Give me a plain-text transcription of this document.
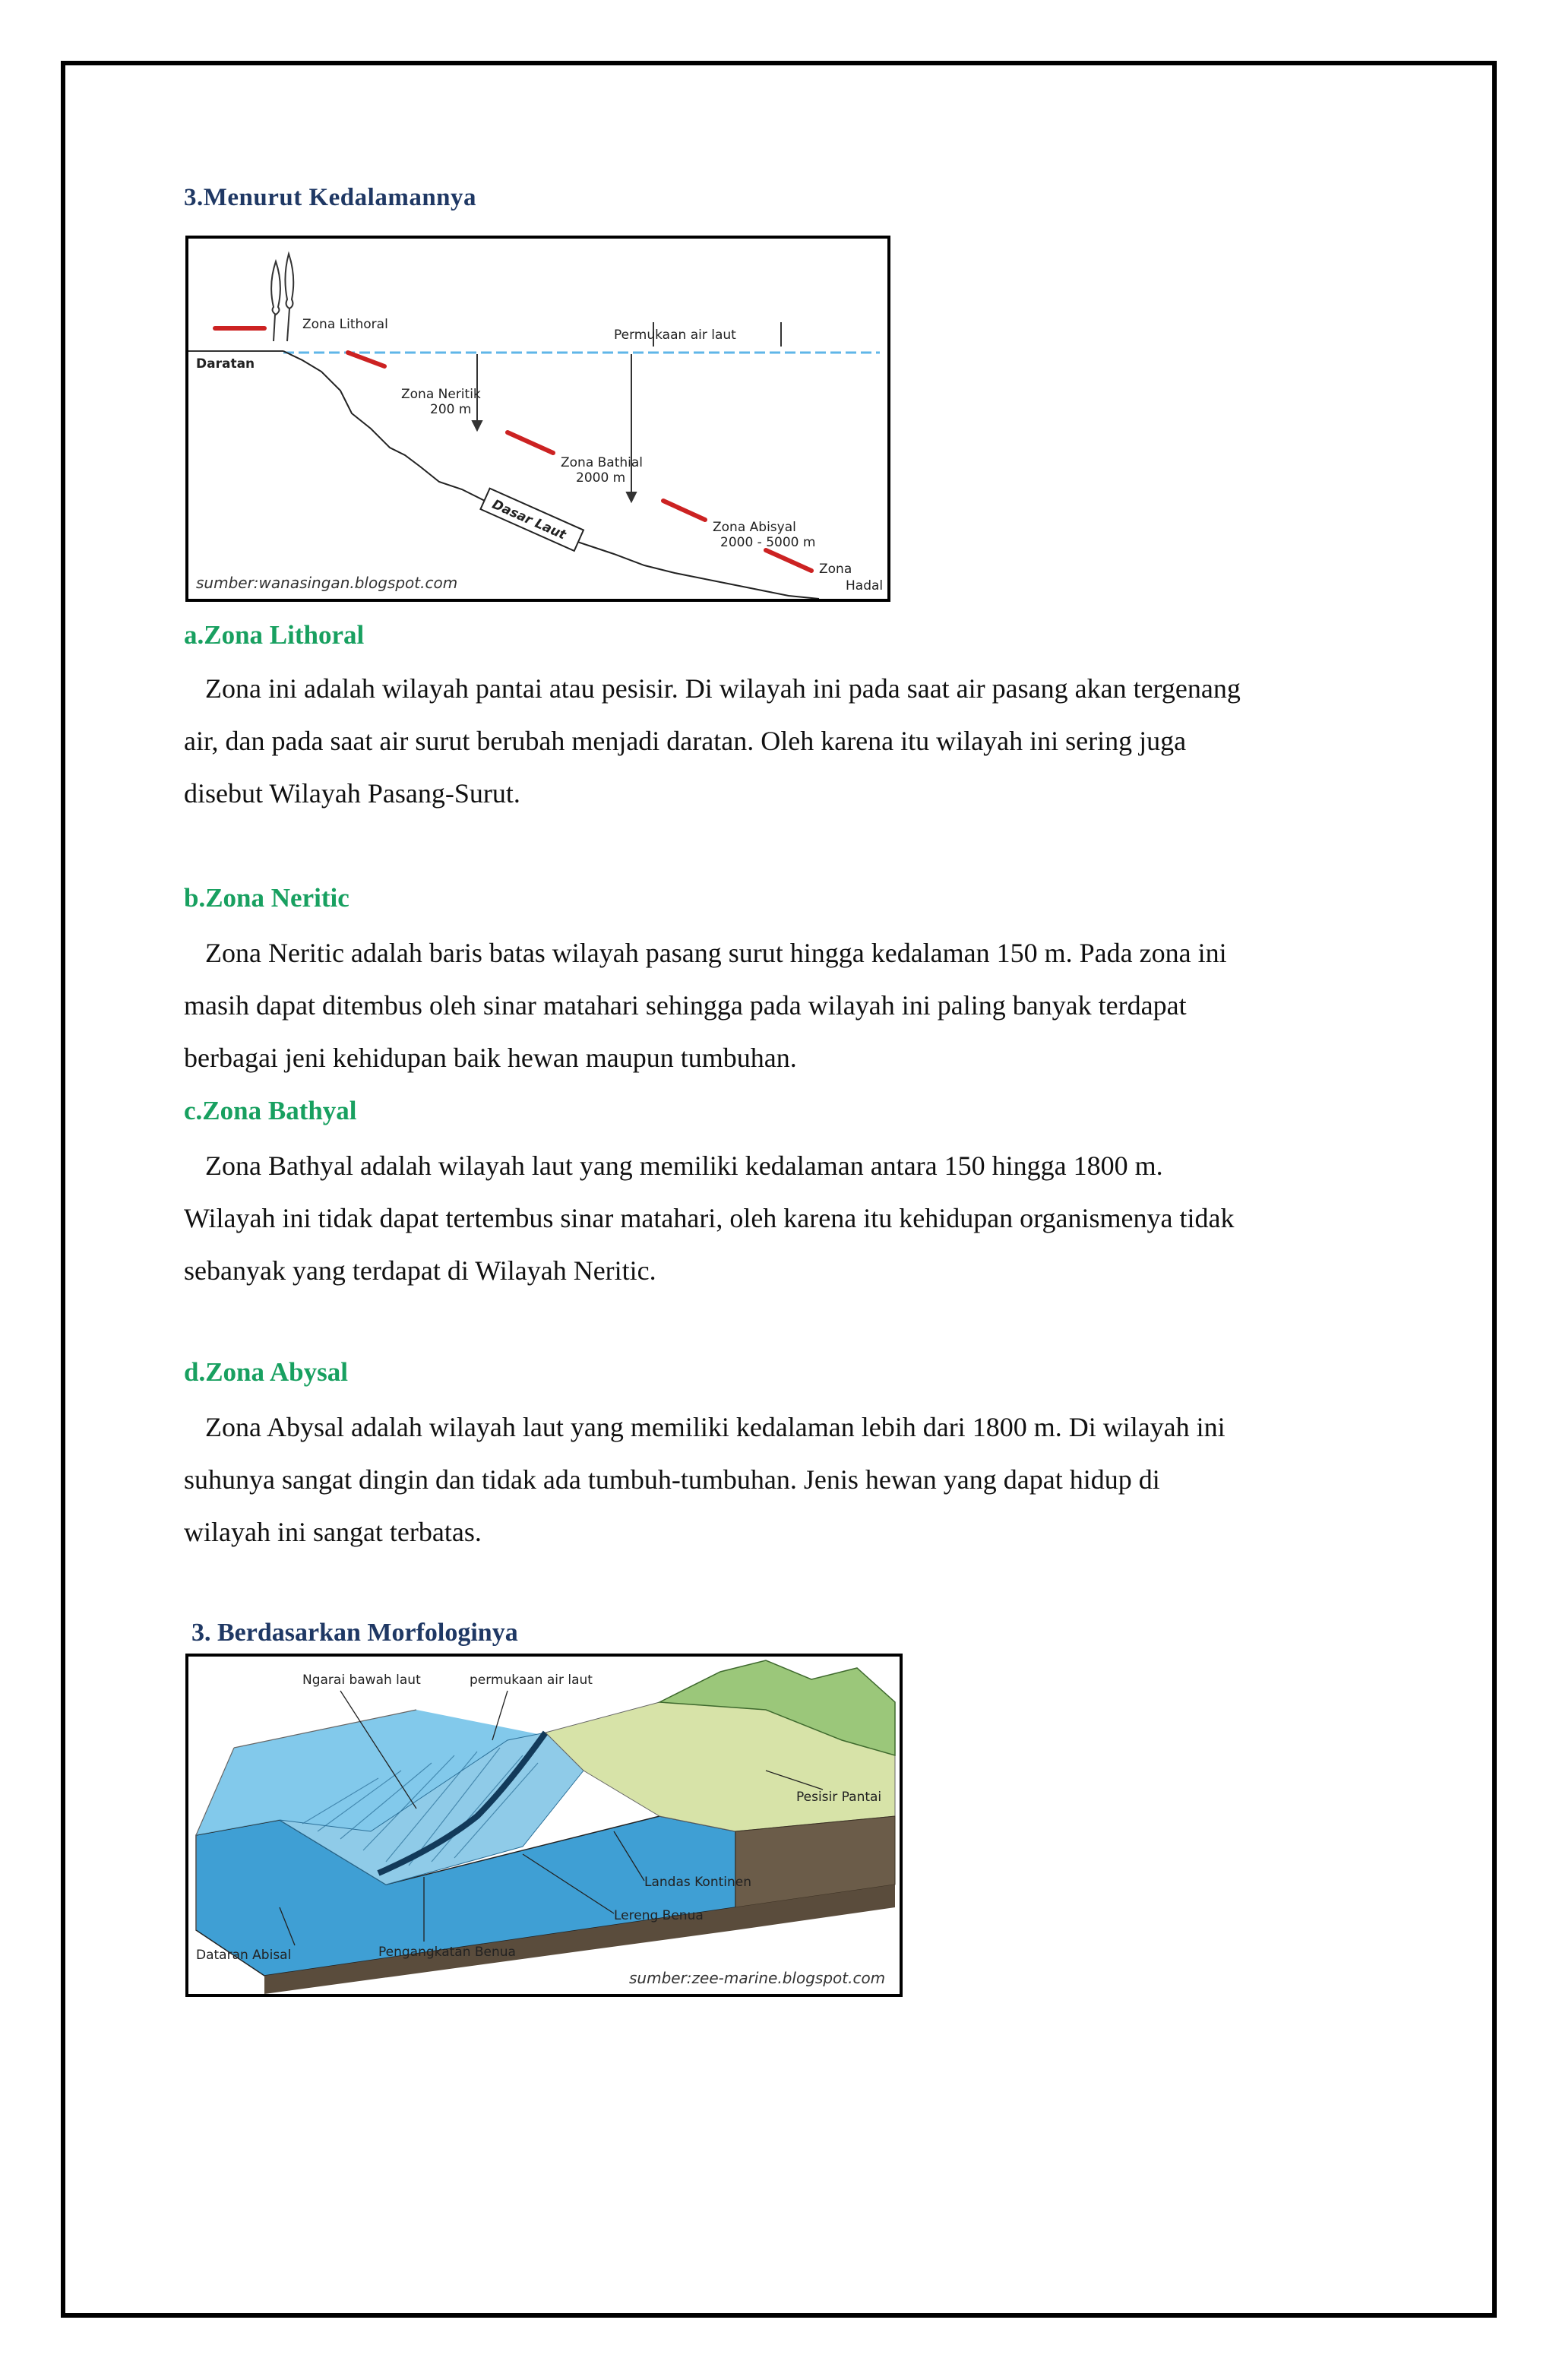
3.Menurut Kedalamannya
Zona Lithoral
Permukaan air laut
Daratan
Zona Neritik
200 m
Zona Bathial
2000 m
Dasar Laut	Zona Abisyal
2000 - 5000 m
Zona
Hadal
sumber:wanasingan.blogspot.com
a.Zona Lithoral
Zona ini adalah wilayah pantai atau pesisir. Di wilayah ini pada saat air pasang akan tergenang
air, dan pada saat air surut berubah menjadi daratan. Oleh karena itu wilayah ini sering juga
disebut Wilayah Pasang-Surut.
b.Zona Neritic
Zona Neritic adalah baris batas wilayah pasang surut hingga kedalaman 150 m. Pada zona ini
masih dapat ditembus oleh sinar matahari sehingga pada wilayah ini paling banyak terdapat
berbagai jeni kehidupan baik hewan maupun tumbuhan.
c.Zona Bathyal
Zona Bathyal adalah wilayah laut yang memiliki kedalaman antara 150 hingga 1800 m.
Wilayah ini tidak dapat tertembus sinar matahari, oleh karena itu kehidupan organismenya tidak
sebanyak yang terdapat di Wilayah Neritic.
d.Zona Abysal
Zona Abysal adalah wilayah laut yang memiliki kedalaman lebih dari 1800 m. Di wilayah ini
suhunya sangat dingin dan tidak ada tumbuh-tumbuhan. Jenis hewan yang dapat hidup di
wilayah ini sangat terbatas.
3. Berdasarkan Morfologinya
Ngarai bawah laut	permukaan air laut
Pesisir Pantai
Landas Kontinen
Lereng Benua
Dataran Abisal	Pengangkatan Benua
sumber:zee-marine.blogspot.com
